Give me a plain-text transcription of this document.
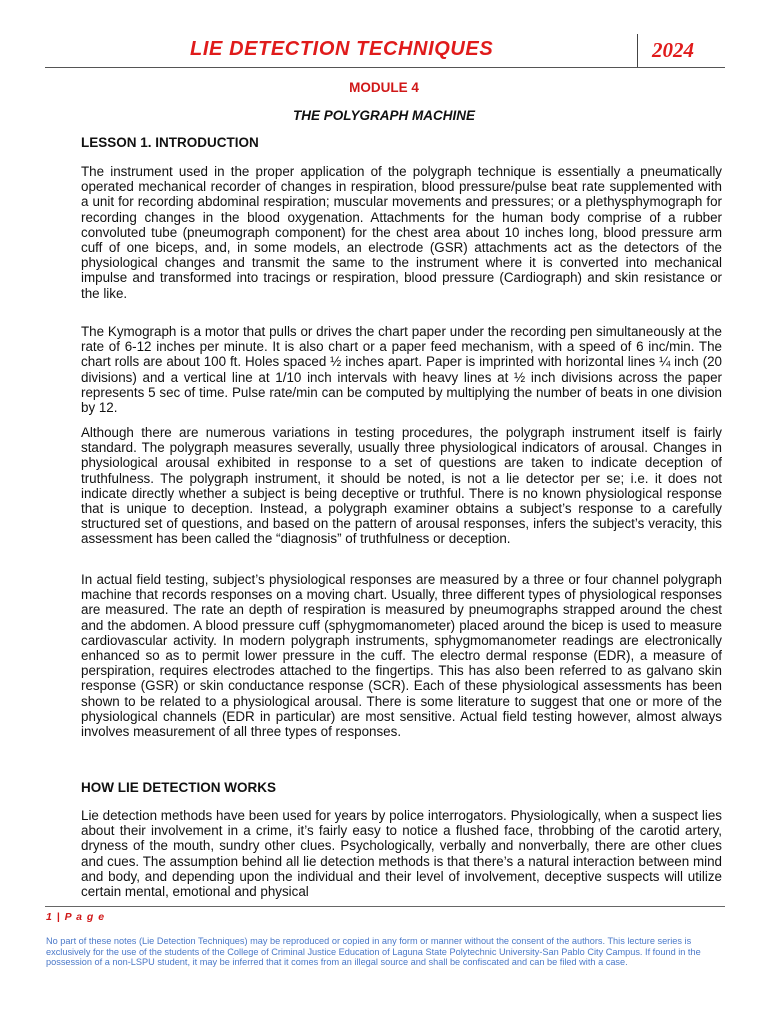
LIE DETECTION TECHNIQUES	2024
MODULE 4
THE POLYGRAPH MACHINE
LESSON 1. INTRODUCTION

The instrument used in the proper application of the polygraph technique is essentially a pneumatically operated mechanical recorder of changes in respiration, blood pressure/pulse beat rate supplemented with a unit for recording abdominal respiration; muscular movements and pressures; or a plethysphymograph for recording changes in the blood oxygenation. Attachments for the human body comprise of a rubber convoluted tube (pneumograph component) for the chest area about 10 inches long, blood pressure arm cuff of one biceps, and, in some models, an electrode (GSR) attachments act as the detectors of the physiological changes and transmit the same to the instrument where it is converted into mechanical impulse and transformed into tracings or respiration, blood pressure (Cardiograph) and skin resistance or the like.

The Kymograph is a motor that pulls or drives the chart paper under the recording pen simultaneously at the rate of 6-12 inches per minute. It is also chart or a paper feed mechanism, with a speed of 6 inc/min. The chart rolls are about 100 ft. Holes spaced ½ inches apart. Paper is imprinted with horizontal lines ¼ inch (20 divisions) and a vertical line at 1/10 inch intervals with heavy lines at ½ inch divisions across the paper represents 5 sec of time. Pulse rate/min can be computed by multiplying the number of beats in one division by 12.

Although there are numerous variations in testing procedures, the polygraph instrument itself is fairly standard. The polygraph measures severally, usually three physiological indicators of arousal. Changes in physiological arousal exhibited in response to a set of questions are taken to indicate deception of truthfulness. The polygraph instrument, it should be noted, is not a lie detector per se; i.e. it does not indicate directly whether a subject is being deceptive or truthful. There is no known physiological response that is unique to deception. Instead, a polygraph examiner obtains a subject’s response to a carefully structured set of questions, and based on the pattern of arousal responses, infers the subject’s veracity, this assessment has been called the “diagnosis” of truthfulness or deception.

In actual field testing, subject’s physiological responses are measured by a three or four channel polygraph machine that records responses on a moving chart. Usually, three different types of physiological responses are measured. The rate an depth of respiration is measured by pneumographs strapped around the chest and the abdomen. A blood pressure cuff (sphygmomanometer) placed around the bicep is used to measure cardiovascular activity. In modern polygraph instruments, sphygmomanometer readings are electronically enhanced so as to permit lower pressure in the cuff. The electro dermal response (EDR), a measure of perspiration, requires electrodes attached to the fingertips. This has also been referred to as galvano skin response (GSR) or skin conductance response (SCR). Each of these physiological assessments has been shown to be related to a physiological arousal. There is some literature to suggest that one or more of the physiological channels (EDR in particular) are most sensitive. Actual field testing however, almost always involves measurement of all three types of responses.

HOW LIE DETECTION WORKS

Lie detection methods have been used for years by police interrogators. Physiologically, when a suspect lies about their involvement in a crime, it’s fairly easy to notice a flushed face, throbbing of the carotid artery, dryness of the mouth, sundry other clues. Psychologically, verbally and nonverbally, there are other clues and cues. The assumption behind all lie detection methods is that there’s a natural interaction between mind and body, and depending upon the individual and their level of involvement, deceptive suspects will utilize certain mental, emotional and physical

1 | P a g e
No part of these notes (Lie Detection Techniques) may be reproduced or copied in any form or manner without the consent of the authors. This lecture series is exclusively for the use of the students of the College of Criminal Justice Education of Laguna State Polytechnic University-San Pablo City Campus. If found in the possession of a non-LSPU student, it may be inferred that it comes from an illegal source and shall be confiscated and can be filed with a case.
